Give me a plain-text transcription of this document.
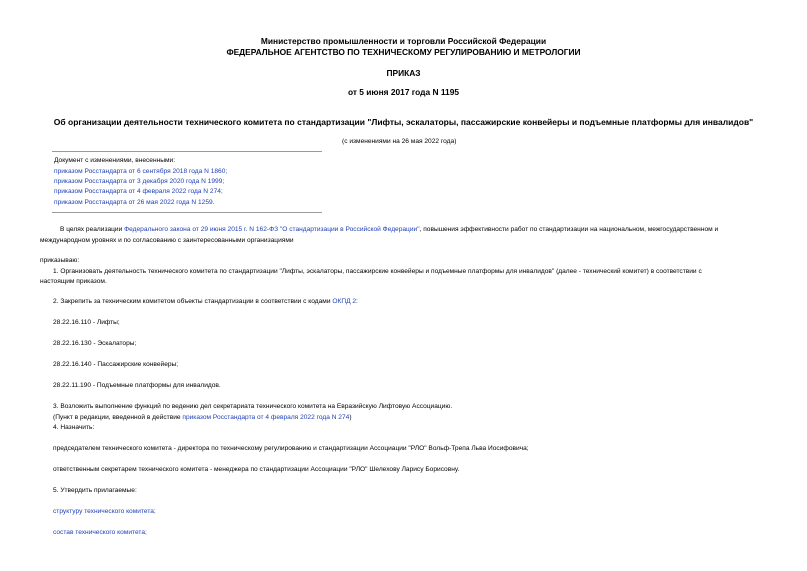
Министерство промышленности и торговли Российской Федерации
ФЕДЕРАЛЬНОЕ АГЕНТСТВО ПО ТЕХНИЧЕСКОМУ РЕГУЛИРОВАНИЮ И МЕТРОЛОГИИ
ПРИКАЗ
от 5 июня 2017 года N 1195
Об организации деятельности технического комитета по стандартизации "Лифты, эскалаторы, пассажирские конвейеры и подъемные платформы для инвалидов"
(с изменениями на 26 мая 2022 года)
Документ с изменениями, внесенными:
приказом Росстандарта от 6 сентября 2018 года N 1860;
приказом Росстандарта от 3 декабря 2020 года N 1999;
приказом Росстандарта от 4 февраля 2022 года N 274;
приказом Росстандарта от 26 мая 2022 года N 1259.
В целях реализации Федерального закона от 29 июня 2015 г. N 162-ФЗ "О стандартизации в Российской Федерации", повышения эффективности работ по стандартизации на национальном, межгосударственном и
международном уровнях и по согласованию с заинтересованными организациями
приказываю:
1. Организовать деятельность технического комитета по стандартизации "Лифты, эскалаторы, пассажирские конвейеры и подъемные платформы для инвалидов" (далее - технический комитет) в соответствии с
настоящим приказом.
2. Закрепить за техническим комитетом объекты стандартизации в соответствии с кодами ОКПД 2:
28.22.16.110 - Лифты;
28.22.16.130 - Эскалаторы;
28.22.16.140 - Пассажирские конвейеры;
28.22.11.190 - Подъемные платформы для инвалидов.
3. Возложить выполнение функций по ведению дел секретариата технического комитета на Евразийскую Лифтовую Ассоциацию.
(Пункт в редакции, введенной в действие приказом Росстандарта от 4 февраля 2022 года N 274)
4. Назначить:
председателем технического комитета - директора по техническому регулированию и стандартизации Ассоциации "РЛО" Вольф-Трепа Льва Иосифовича;
ответственным секретарем технического комитета - менеджера по стандартизации Ассоциации "РЛО" Шелехову Ларису Борисовну.
5. Утвердить прилагаемые:
структуру технического комитета;
состав технического комитета;
